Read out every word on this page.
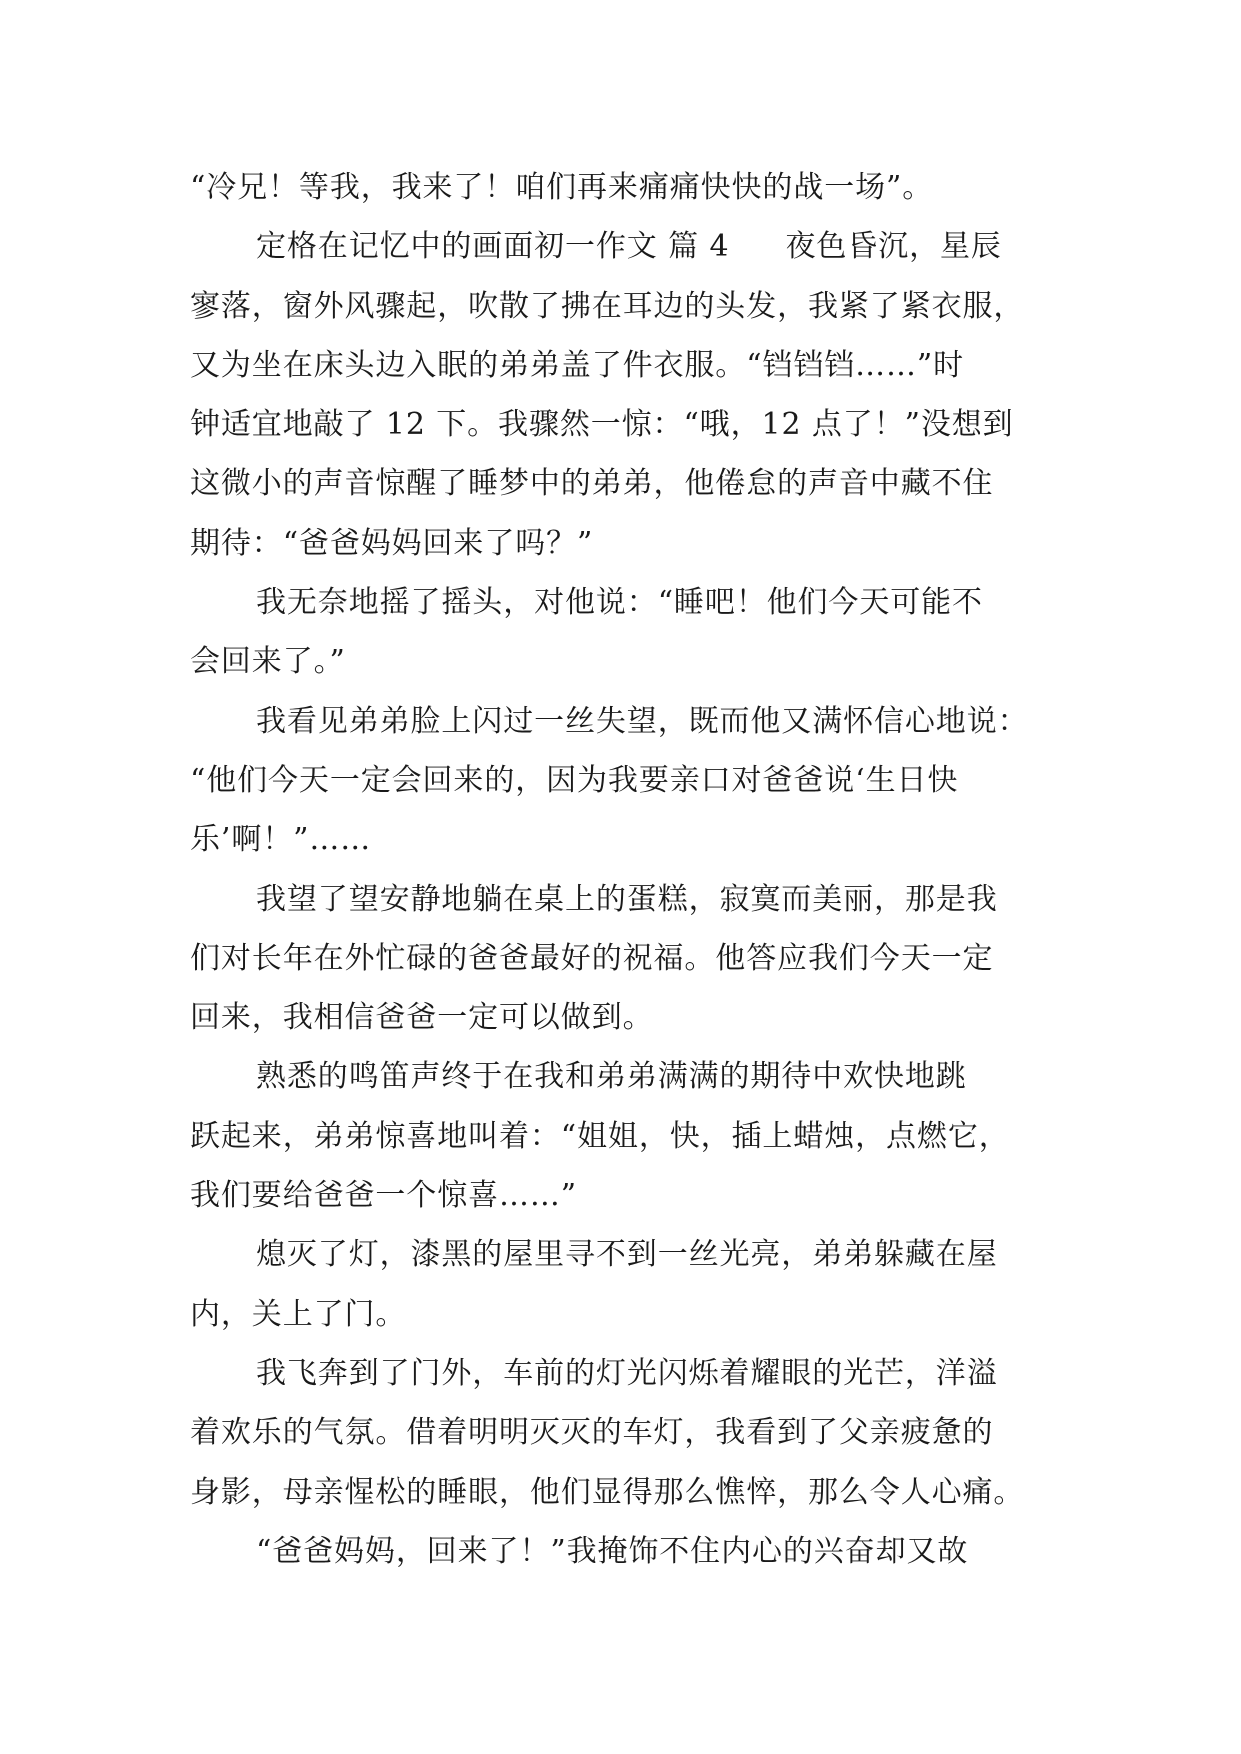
“冷兄！等我，我来了！咱们再来痛痛快快的战一场”。
定格在记忆中的画面初一作文 篇 4 夜色昏沉，星辰
寥落，窗外风骤起，吹散了拂在耳边的头发，我紧了紧衣服，
又为坐在床头边入眠的弟弟盖了件衣服。“铛铛铛……”时
钟适宜地敲了 12 下。我骤然一惊：“哦，12 点了！”没想到
这微小的声音惊醒了睡梦中的弟弟，他倦怠的声音中藏不住
期待：“爸爸妈妈回来了吗？”
我无奈地摇了摇头，对他说：“睡吧！他们今天可能不
会回来了。”
我看见弟弟脸上闪过一丝失望，既而他又满怀信心地说：
“他们今天一定会回来的，因为我要亲口对爸爸说‘生日快
乐’啊！”……
我望了望安静地躺在桌上的蛋糕，寂寞而美丽，那是我
们对长年在外忙碌的爸爸最好的祝福。他答应我们今天一定
回来，我相信爸爸一定可以做到。
熟悉的鸣笛声终于在我和弟弟满满的期待中欢快地跳
跃起来，弟弟惊喜地叫着：“姐姐，快，插上蜡烛，点燃它，
我们要给爸爸一个惊喜……”
熄灭了灯，漆黑的屋里寻不到一丝光亮，弟弟躲藏在屋
内，关上了门。
我飞奔到了门外，车前的灯光闪烁着耀眼的光芒，洋溢
着欢乐的气氛。借着明明灭灭的车灯，我看到了父亲疲惫的
身影，母亲惺松的睡眼，他们显得那么憔悴，那么令人心痛。
“爸爸妈妈，回来了！”我掩饰不住内心的兴奋却又故
